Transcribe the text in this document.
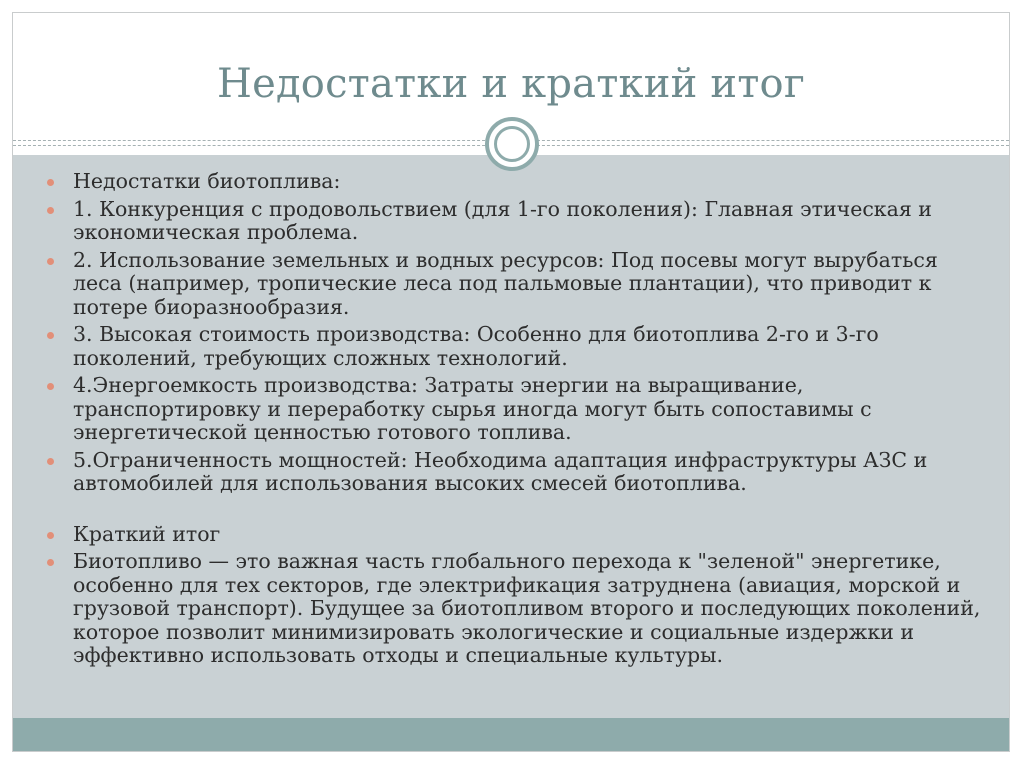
Недостатки и краткий итог
Недостатки биотоплива:
1. Конкуренция с продовольствием (для 1-го поколения): Главная этическая и экономическая проблема.
2. Использование земельных и водных ресурсов: Под посевы могут вырубаться леса (например, тропические леса под пальмовые плантации), что приводит к потере биоразнообразия.
3. Высокая стоимость производства: Особенно для биотоплива 2-го и 3-го поколений, требующих сложных технологий.
4.Энергоемкость производства: Затраты энергии на выращивание, транспортировку и переработку сырья иногда могут быть сопоставимы с энергетической ценностью готового топлива.
5.Ограниченность мощностей: Необходима адаптация инфраструктуры АЗС и автомобилей для использования высоких смесей биотоплива.
Краткий итог
Биотопливо — это важная часть глобального перехода к "зеленой" энергетике, особенно для тех секторов, где электрификация затруднена (авиация, морской и грузовой транспорт). Будущее за биотопливом второго и последующих поколений, которое позволит минимизировать экологические и социальные издержки и эффективно использовать отходы и специальные культуры.
